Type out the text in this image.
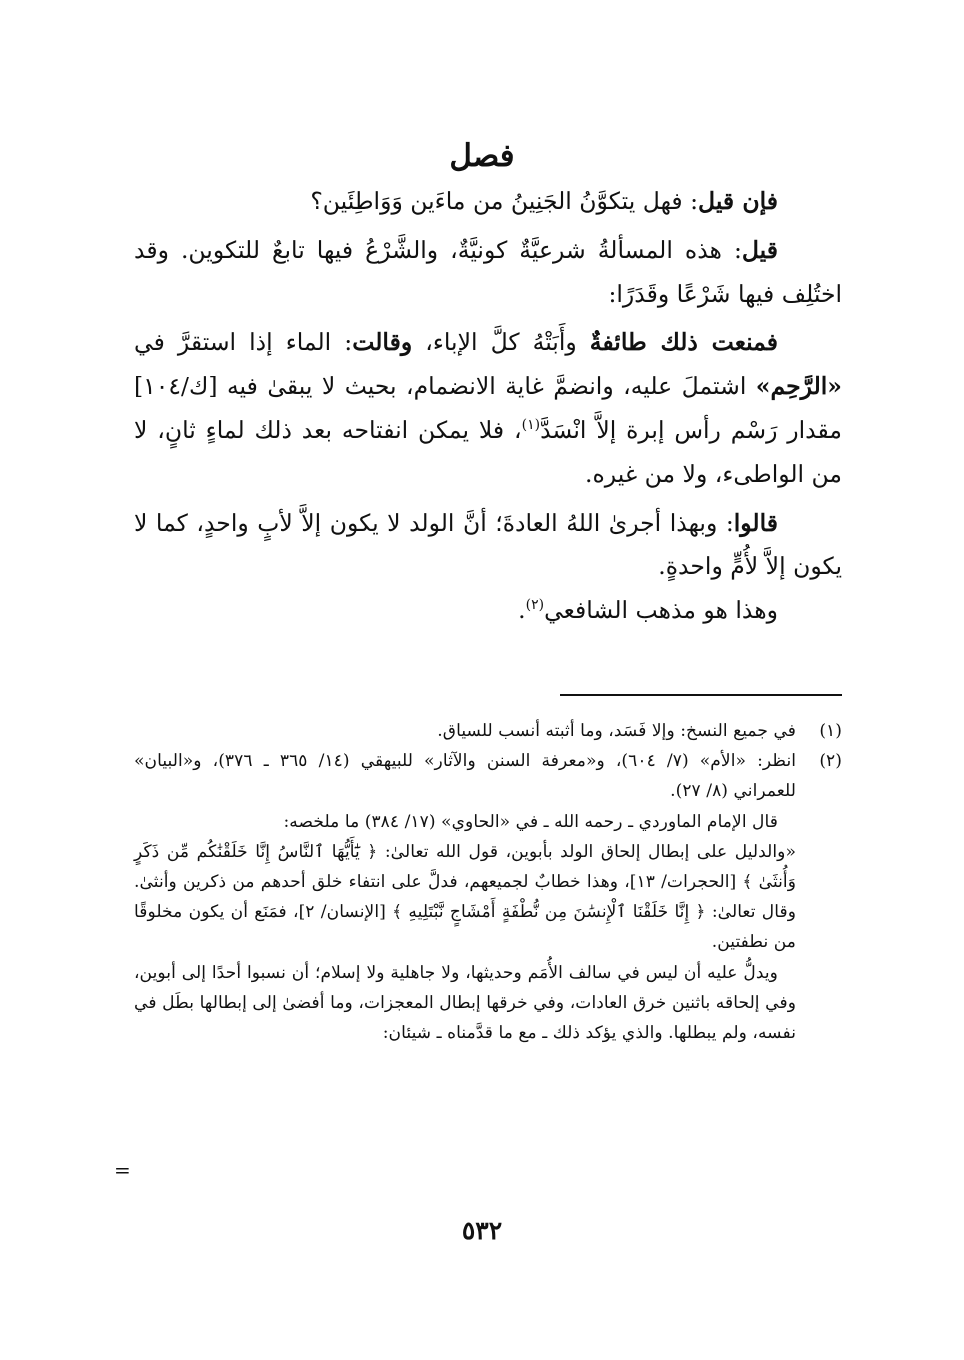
فصل

فإن قيل: فهل يتكوَّنُ الجَنِينُ من ماءَين وَوَاطِئَين؟

قيل: هذه المسألةُ شرعيَّةٌ كونيَّةٌ، والشَّرْعُ فيها تابعٌ للتكوين. وقد اختُلِف فيها شَرْعًا وقَدَرًا:

فمنعت ذلك طائفةٌ وأَبَتْهُ كلَّ الإباء، وقالت: الماء إذا استقرَّ في «الرَّحِم» اشتملَ عليه، وانضمَّ غاية الانضمام، بحيث لا يبقىٰ فيه [ك/١٠٤] مقدار رَسْم رأس إبرة إلاَّ انْسَدَّ$^{(١)}$، فلا يمكن انفتاحه بعد ذلك لماءٍ ثانٍ، لا من الواطىء، ولا من غيره.

قالوا: وبهذا أجرىٰ اللهُ العادةَ؛ أنَّ الولد لا يكون إلاَّ لأبٍ واحدٍ، كما لا يكون إلاَّ لأُمٍّ واحدةٍ.

وهذا هو مذهب الشافعي$^{(٢)}$.

(١)
في جميع النسخ: وإلا فَسَد، وما أثبته أنسب للسياق.
(٢)
انظر: «الأم» (٧/ ٦٠٤)، و«معرفة السنن والآثار» للبيهقي (١٤/ ٣٦٥ ـ ٣٧٦)، و«البيان» للعمراني (٨/ ٢٧).

قال الإمام الماوردي ـ رحمه الله ـ في «الحاوي» (١٧/ ٣٨٤) ما ملخصه:

«والدليل على إبطال إلحاق الولد بأبوين، قول الله تعالىٰ: ﴿ يَٰٓأَيُّهَا ٱلنَّاسُ إِنَّا خَلَقْنَٰكُم مِّن ذَكَرٍ وَأُنثَىٰ ﴾ [الحجرات/ ١٣]، وهذا خطابٌ لجميعهم، فدلَّ على انتفاء خلق أحدهم من ذكرين وأنثىٰ. وقال تعالىٰ: ﴿ إِنَّا خَلَقْنَا ٱلْإِنسَٰنَ مِن نُّطْفَةٍ أَمْشَاجٍ نَّبْتَلِيهِ ﴾ [الإنسان/ ٢]، فمَنَع أن يكون مخلوقًا من نطفتين.

ويدلُّ عليه أن ليس في سالف الأُمَم وحديثها، ولا جاهلية ولا إسلام؛ أن نسبوا أحدًا إلى أبوين، وفي إلحاقه باثنين خرق العادات، وفي خرقها إبطال المعجزات، وما أفضىٰ إلى إبطالها بطَل في نفسه، ولم يبطلها. والذي يؤكد ذلك ـ مع ما قدَّمناه ـ شيئان:

=
٥٣٢
